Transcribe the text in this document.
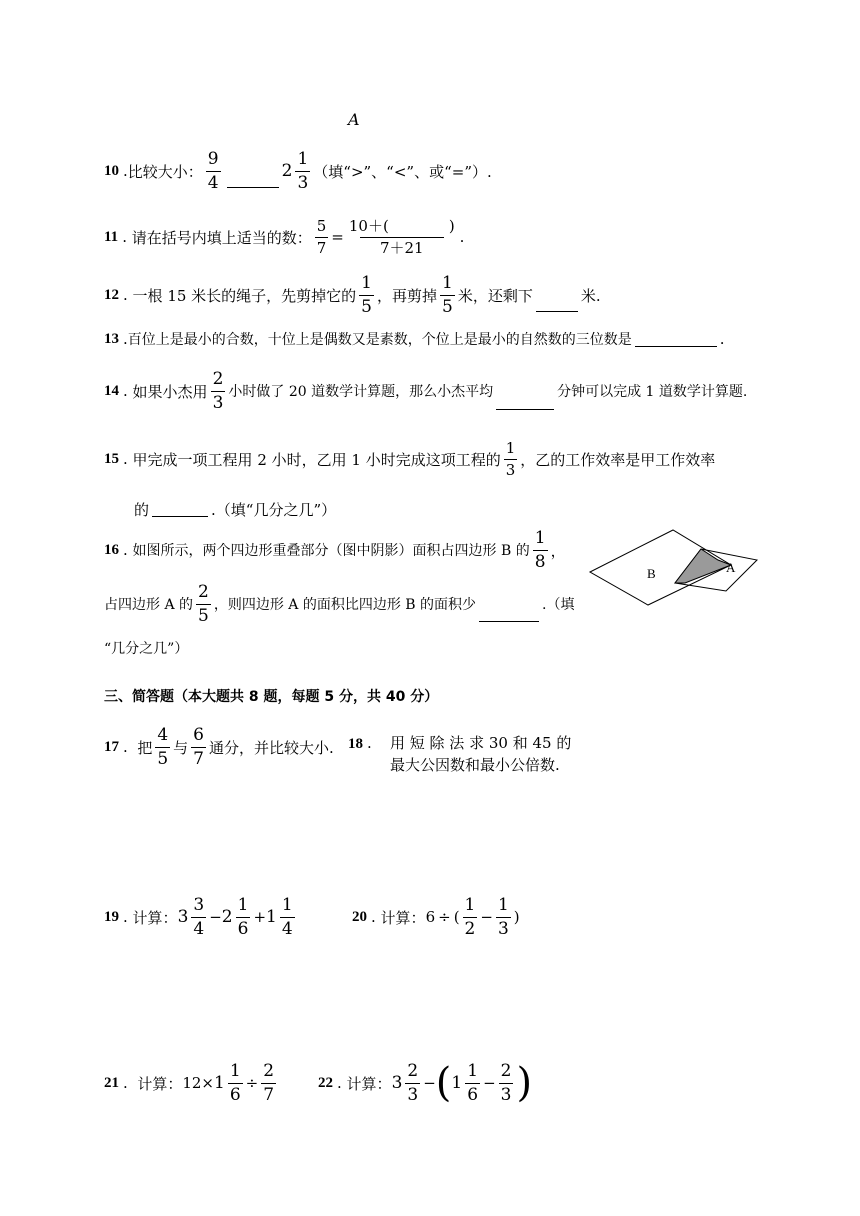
A
10 . 比较大小： $\frac{9}{4}$	$2 \frac{1}{3}$ （填“>”、“<”、或“=”）.
11 . 请在括号内填上适当的数： $\frac{5}{7} = \frac{10+( )}{7+21}$ .
12 . 一根 15 米长的绳子，先剪掉它的 $\frac{1}{5}$ ，再剪掉 $\frac{1}{5}$ 米，还剩下	米.
13 . 百位上是最小的合数，十位上是偶数又是素数，个位上是最小的自然数的三位数是	.
14 . 如果小杰用 $\frac{2}{3}$ 小时做了 20 道数学计算题，那么小杰平均	分钟可以完成 1 道数学计算题.
15 . 甲完成一项工程用 2 小时，乙用 1 小时完成这项工程的 $\frac{1}{3}$ ，乙的工作效率是甲工作效率
的	.（填“几分之几”）
16 . 如图所示，两个四边形重叠部分（图中阴影）面积占四边形 B 的 $\frac{1}{8}$ ，
占四边形 A 的 $\frac{2}{5}$ ，则四边形 A 的面积比四边形 B 的面积少	.（填
“几分之几”）
B	A
三、简答题（本大题共 8 题，每题 5 分，共 40 分）
17 . 把 $\frac{4}{5}$ 与 $\frac{6}{7}$ 通分，并比较大小. 18 . 用 短 除 法 求 30 和 45 的
最大公因数和最小公倍数.
19 . 计算： $3 \frac{3}{4} - 2 \frac{1}{6} + 1 \frac{1}{4}$	20 . 计算： 6 ÷ ( $\frac{1}{2} - \frac{1}{3}$ )
21 . 计算： $12 \times 1 \frac{1}{6} \div \frac{2}{7}$	22 . 计算： $3 \frac{2}{3}$ − ( $1 \frac{1}{6} - \frac{2}{3}$ )
